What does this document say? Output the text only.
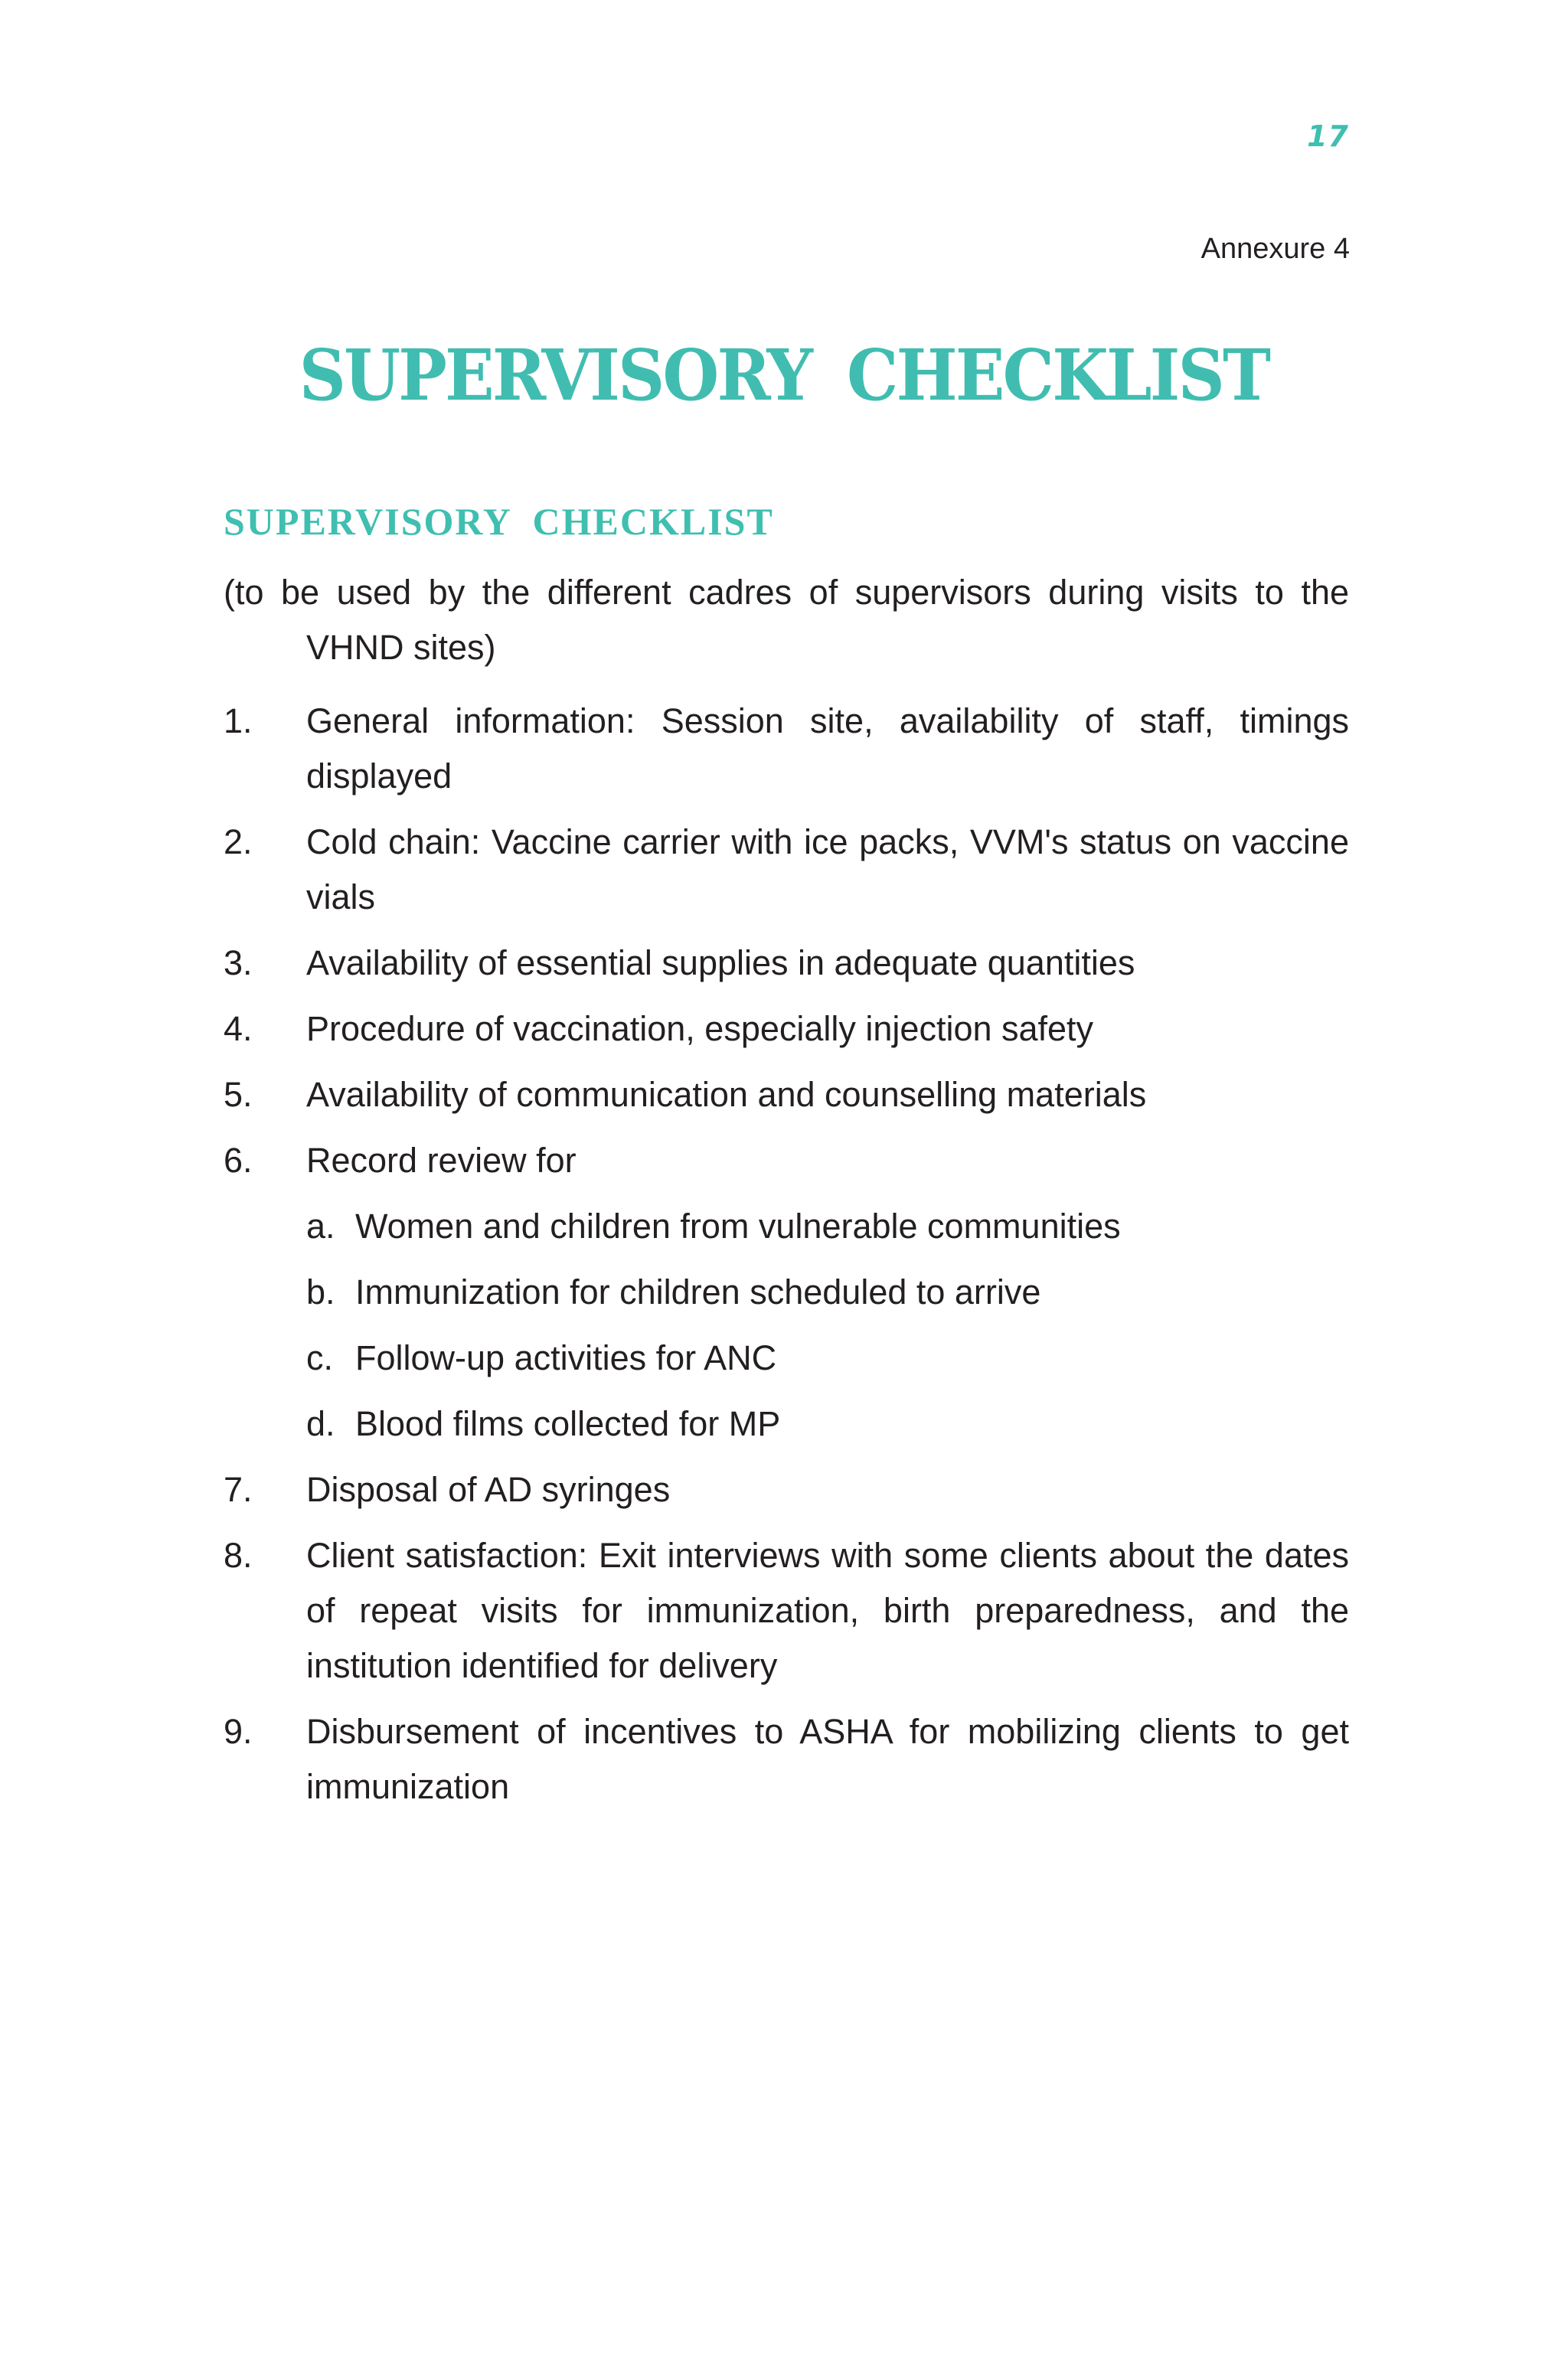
17
Annexure 4
SUPERVISORY CHECKLIST
SUPERVISORY CHECKLIST

(to be used by the different cadres of supervisors during visits to the VHND sites)

1.	General information: Session site, availability of staff, timings displayed
2.	Cold chain: Vaccine carrier with ice packs, VVM's status on vaccine vials
3.	Availability of essential supplies in adequate quantities
4.	Procedure of vaccination, especially injection safety
5.	Availability of communication and counselling materials
6.	Record review for
a. Women and children from vulnerable communities
b. Immunization for children scheduled to arrive
c. Follow-up activities for ANC
d. Blood films collected for MP
7.	Disposal of AD syringes
8.	Client satisfaction: Exit interviews with some clients about the dates of repeat visits for immunization, birth preparedness, and the institution identified for delivery
9.	Disbursement of incentives to ASHA for mobilizing clients to get immunization
